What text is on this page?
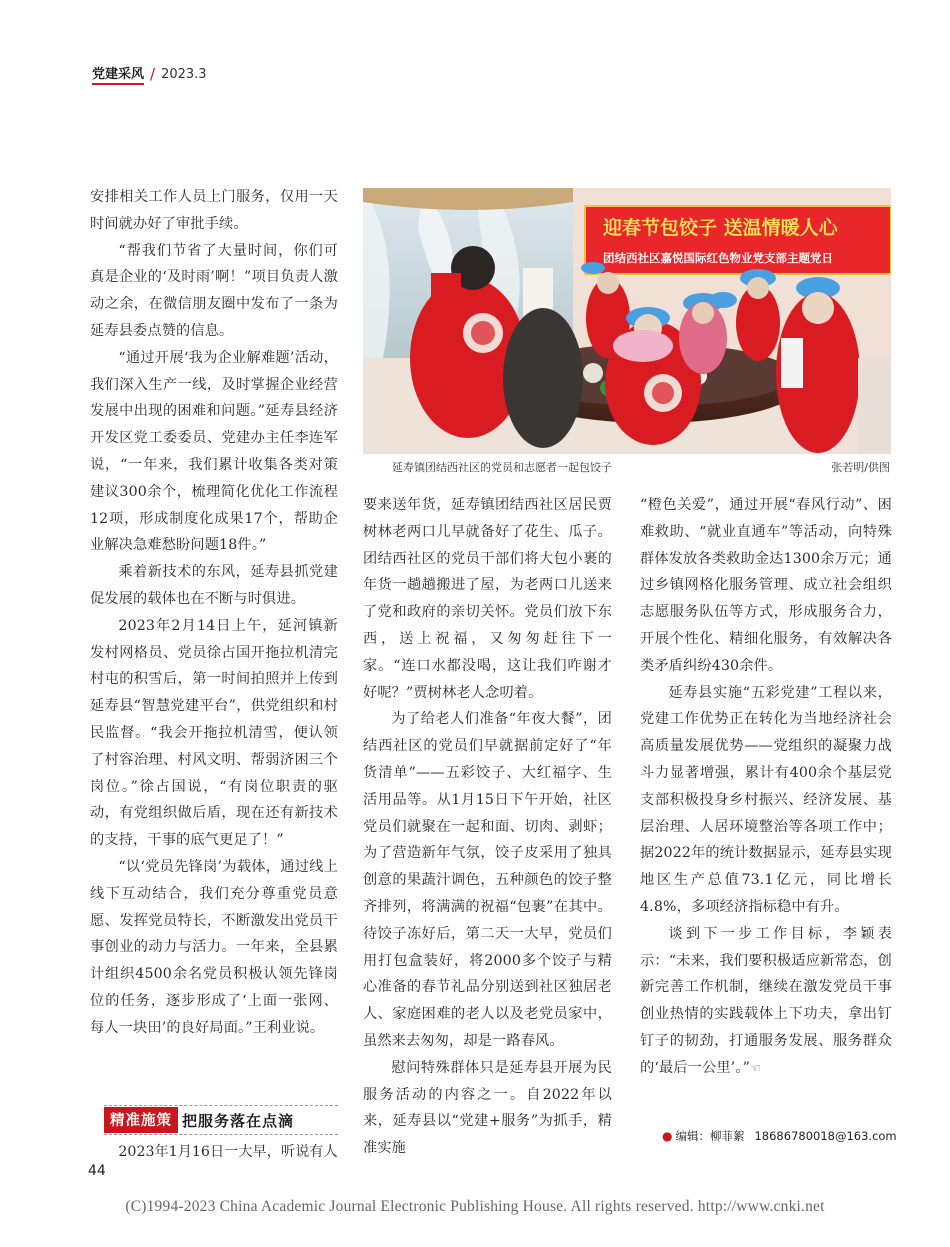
党建采风 / 2023.3

安排相关工作人员上门服务，仅用一天时间就办好了审批手续。

“帮我们节省了大量时间，你们可真是企业的‘及时雨’啊！”项目负责人激动之余，在微信朋友圈中发布了一条为延寿县委点赞的信息。

“通过开展‘我为企业解难题’活动，我们深入生产一线，及时掌握企业经营发展中出现的困难和问题。”延寿县经济开发区党工委委员、党建办主任李连军说，“一年来，我们累计收集各类对策建议300余个，梳理简化优化工作流程12项，形成制度化成果17个，帮助企业解决急难愁盼问题18件。”

乘着新技术的东风，延寿县抓党建促发展的载体也在不断与时俱进。

2023年2月14日上午，延河镇新发村网格员、党员徐占国开拖拉机清完村屯的积雪后，第一时间拍照并上传到延寿县“智慧党建平台”，供党组织和村民监督。“我会开拖拉机清雪，便认领了村容治理、村风文明、帮弱济困三个岗位。”徐占国说，“有岗位职责的驱动，有党组织做后盾，现在还有新技术的支持，干事的底气更足了！”

“以‘党员先锋岗’为载体，通过线上线下互动结合，我们充分尊重党员意愿、发挥党员特长，不断激发出党员干事创业的动力与活力。一年来，全县累计组织4500余名党员积极认领先锋岗位的任务，逐步形成了‘上面一张网、每人一块田’的良好局面。”王利业说。

迎春节包饺子 送温情暖人心
团结西社区嘉悦国际红色物业党支部主题党日
延寿镇团结西社区的党员和志愿者一起包饺子	张若明/供图
精准施策 把服务落在点滴
2023年1月16日一大早，听说有人

要来送年货，延寿镇团结西社区居民贾树林老两口儿早就备好了花生、瓜子。团结西社区的党员干部们将大包小裹的年货一趟趟搬进了屋，为老两口儿送来了党和政府的亲切关怀。党员们放下东西，送上祝福，又匆匆赶往下一家。“连口水都没喝，这让我们咋谢才好呢？”贾树林老人念叨着。

为了给老人们准备“年夜大餐”，团结西社区的党员们早就据前定好了“年货清单”——五彩饺子、大红福字、生活用品等。从1月15日下午开始，社区党员们就聚在一起和面、切肉、剥虾；为了营造新年气氛，饺子皮采用了独具创意的果蔬汁调色，五种颜色的饺子整齐排列，将满满的祝福“包裹”在其中。待饺子冻好后，第二天一大早，党员们用打包盒装好，将2000多个饺子与精心准备的春节礼品分别送到社区独居老人、家庭困难的老人以及老党员家中，虽然来去匆匆，却是一路春风。

慰问特殊群体只是延寿县开展为民服务活动的内容之一。自2022年以来，延寿县以“党建+服务”为抓手，精准实施

“橙色关爱”，通过开展“春风行动”、困难救助、“就业直通车”等活动，向特殊群体发放各类救助金达1300余万元；通过乡镇网格化服务管理、成立社会组织志愿服务队伍等方式，形成服务合力，开展个性化、精细化服务，有效解决各类矛盾纠纷430余件。

延寿县实施“五彩党建”工程以来，党建工作优势正在转化为当地经济社会高质量发展优势——党组织的凝聚力战斗力显著增强，累计有400余个基层党支部积极投身乡村振兴、经济发展、基层治理、人居环境整治等各项工作中；据2022年的统计数据显示，延寿县实现地区生产总值73.1亿元，同比增长4.8%，多项经济指标稳中有升。

谈到下一步工作目标，李颖表示：“未来，我们要积极适应新常态，创新完善工作机制，继续在激发党员干事创业热情的实践载体上下功夫，拿出钉钉子的韧劲，打通服务发展、服务群众的‘最后一公里’。”☜

● 编辑：柳菲絮 18686780018@163.com
44
(C)1994-2023 China Academic Journal Electronic Publishing House. All rights reserved. http://www.cnki.net
